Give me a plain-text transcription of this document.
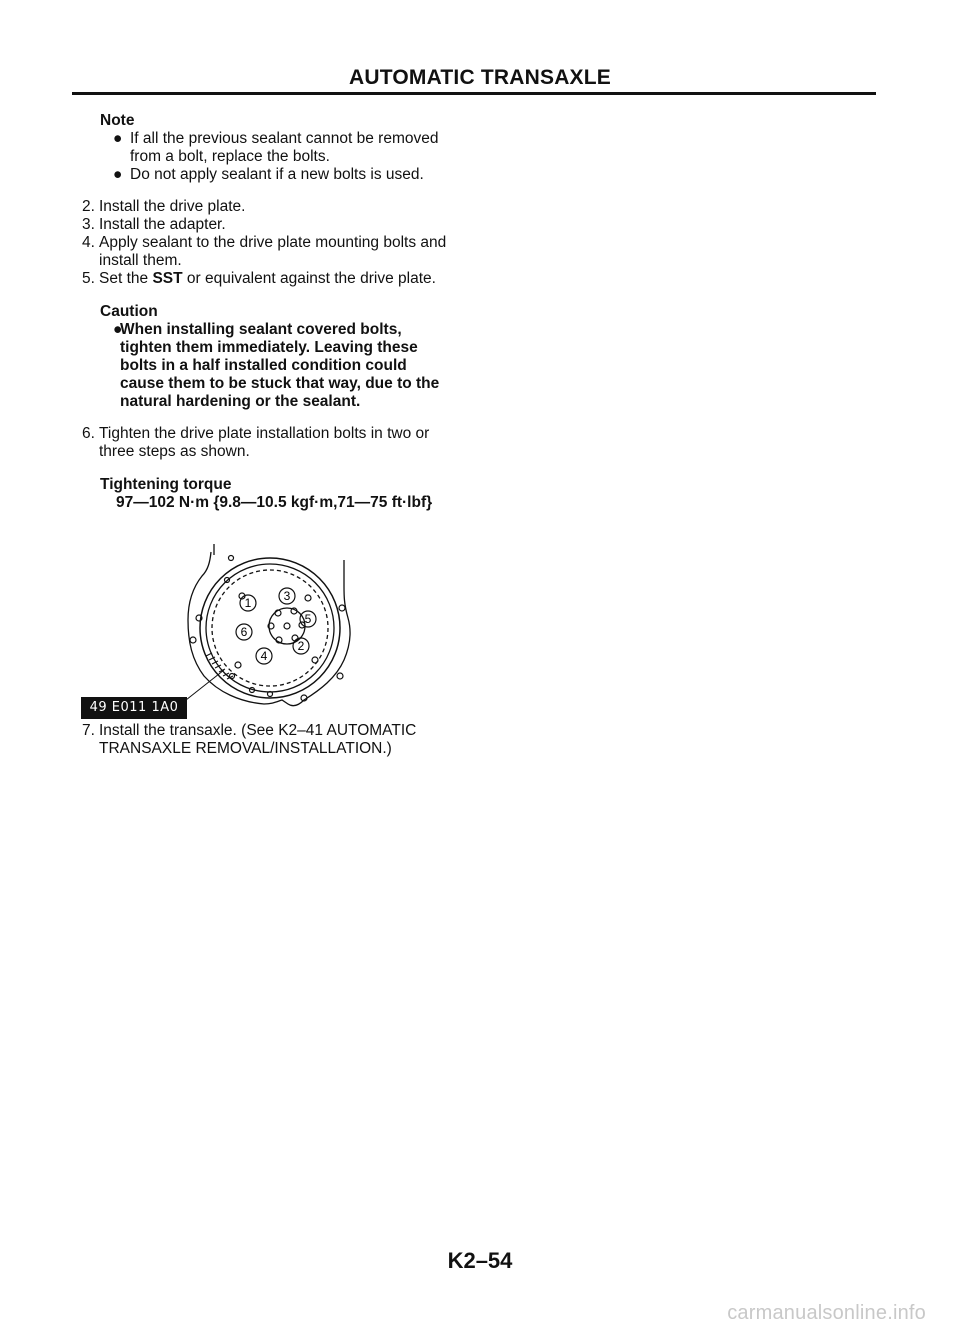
AUTOMATIC TRANSAXLE
Note
● If all the previous sealant cannot be removed
from a bolt, replace the bolts.
● Do not apply sealant if a new bolts is used.
2. Install the drive plate.
3. Install the adapter.
4. Apply sealant to the drive plate mounting bolts and
install them.
5. Set the SST or equivalent against the drive plate.
Caution
●
When installing sealant covered bolts,
tighten them immediately. Leaving these
bolts in a half installed condition could
cause them to be stuck that way, due to the
natural hardening or the sealant.
6. Tighten the drive plate installation bolts in two or
three steps as shown.
Tightening torque
97—102 N·m {9.8—10.5 kgf·m,71—75 ft·lbf}
1	3
5
6
2
4
49 E011 1A0
7. Install the transaxle. (See K2–41 AUTOMATIC
TRANSAXLE REMOVAL/INSTALLATION.)
K2–54
carmanualsonline.info
